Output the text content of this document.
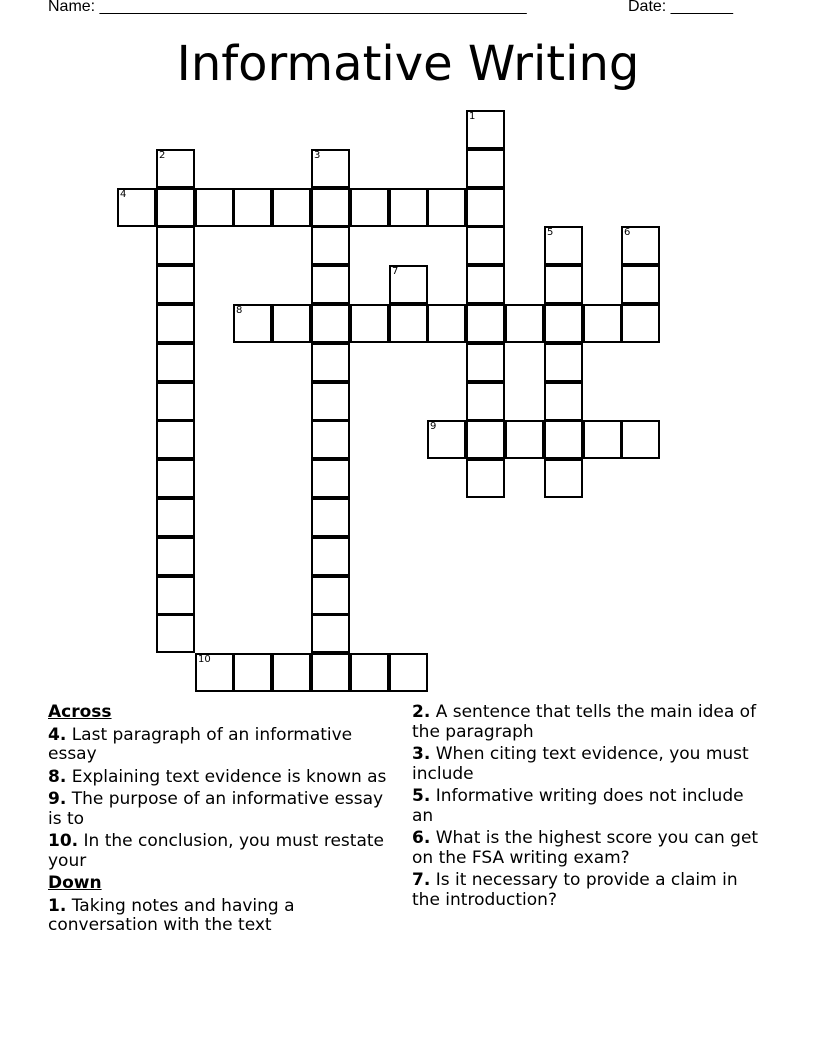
Name: ________________________________________________	Date: _______
Informative Writing
1
2	3
4
5	6
7
8
9
10
Across
4. Last paragraph of an informative essay
8. Explaining text evidence is known as
9. The purpose of an informative essay is to
10. In the conclusion, you must restate your
Down
1. Taking notes and having a conversation with the text
2. A sentence that tells the main idea of the paragraph
3. When citing text evidence, you must include
5. Informative writing does not include an
6. What is the highest score you can get on the FSA writing exam?
7. Is it necessary to provide a claim in the introduction?
